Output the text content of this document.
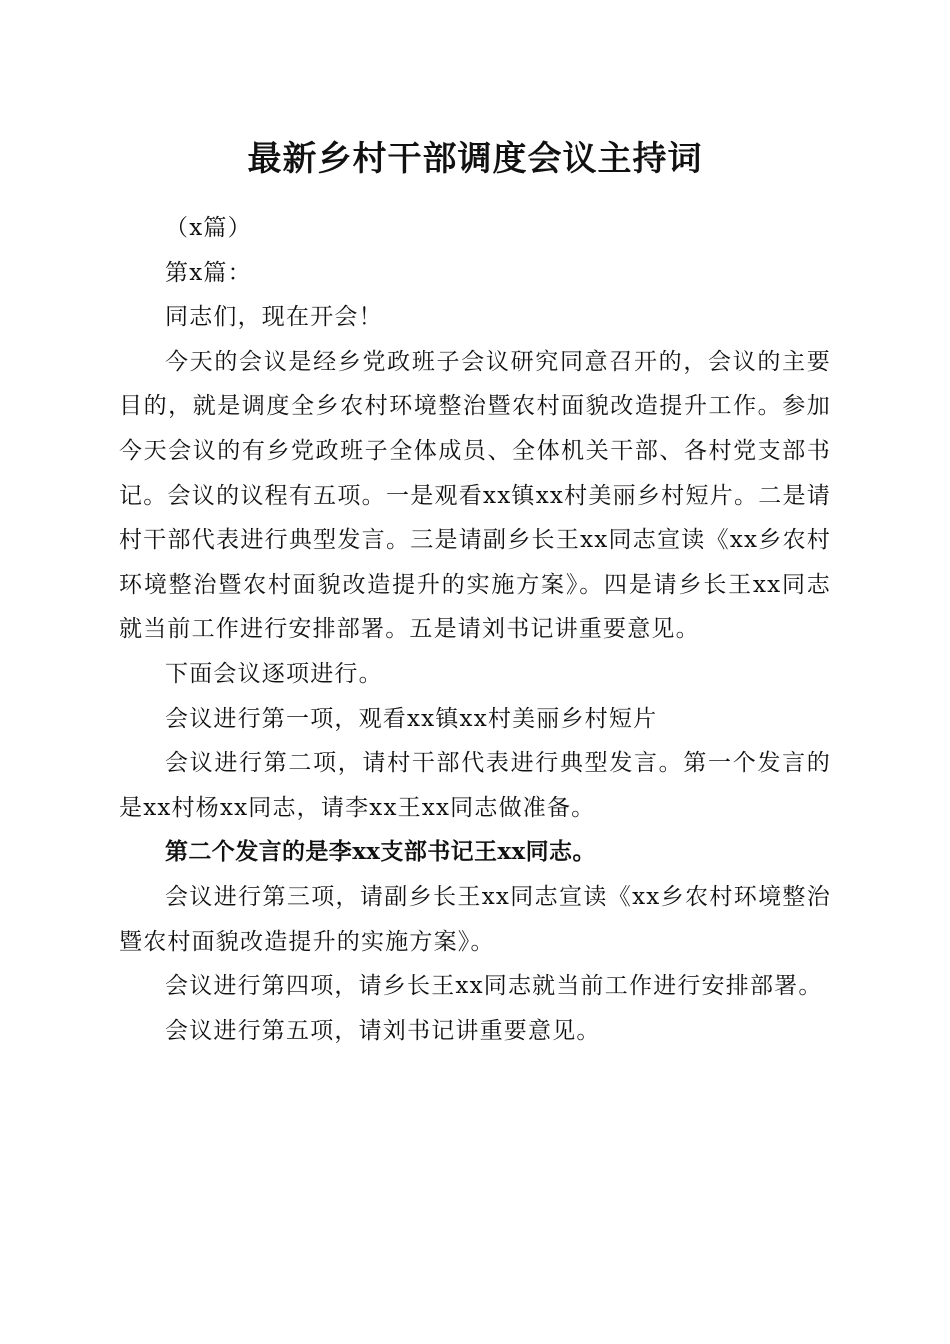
最新乡村干部调度会议主持词

（x篇）

第x篇：

同志们，现在开会！

今天的会议是经乡党政班子会议研究同意召开的，会议的主要目的，就是调度全乡农村环境整治暨农村面貌改造提升工作。参加今天会议的有乡党政班子全体成员、全体机关干部、各村党支部书记。会议的议程有五项。一是观看xx镇xx村美丽乡村短片。二是请村干部代表进行典型发言。三是请副乡长王xx同志宣读《xx乡农村环境整治暨农村面貌改造提升的实施方案》。四是请乡长王xx同志就当前工作进行安排部署。五是请刘书记讲重要意见。

下面会议逐项进行。

会议进行第一项，观看xx镇xx村美丽乡村短片

会议进行第二项，请村干部代表进行典型发言。第一个发言的是xx村杨xx同志，请李xx王xx同志做准备。

第二个发言的是李xx支部书记王xx同志。

会议进行第三项，请副乡长王xx同志宣读《xx乡农村环境整治暨农村面貌改造提升的实施方案》。

会议进行第四项，请乡长王xx同志就当前工作进行安排部署。

会议进行第五项，请刘书记讲重要意见。
